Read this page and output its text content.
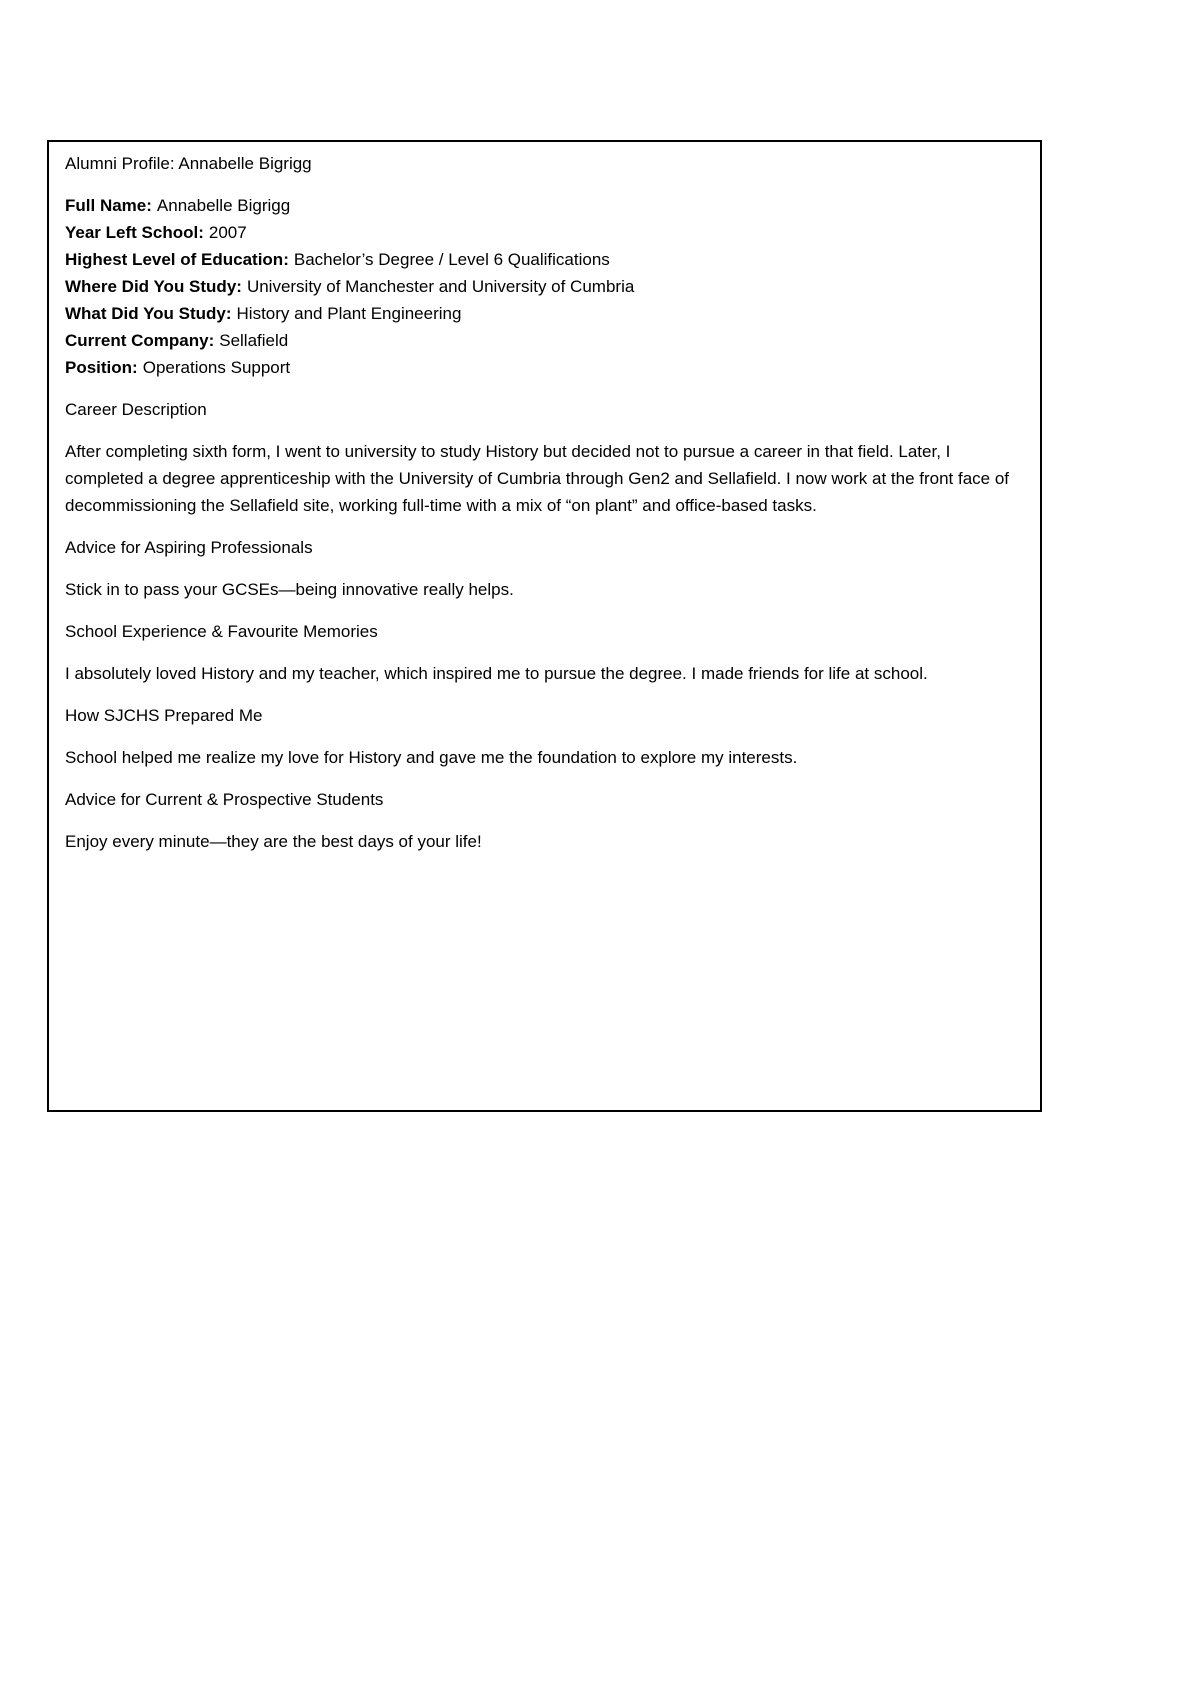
Alumni Profile: Annabelle Bigrigg

Full Name: Annabelle Bigrigg

Year Left School: 2007

Highest Level of Education: Bachelor’s Degree / Level 6 Qualifications

Where Did You Study: University of Manchester and University of Cumbria

What Did You Study: History and Plant Engineering

Current Company: Sellafield

Position: Operations Support

Career Description

After completing sixth form, I went to university to study History but decided not to pursue a career in that field. Later, I completed a degree apprenticeship with the University of Cumbria through Gen2 and Sellafield. I now work at the front face of decommissioning the Sellafield site, working full-time with a mix of “on plant” and office-based tasks.

Advice for Aspiring Professionals

Stick in to pass your GCSEs—being innovative really helps.

School Experience & Favourite Memories

I absolutely loved History and my teacher, which inspired me to pursue the degree. I made friends for life at school.

How SJCHS Prepared Me

School helped me realize my love for History and gave me the foundation to explore my interests.

Advice for Current & Prospective Students

Enjoy every minute—they are the best days of your life!
